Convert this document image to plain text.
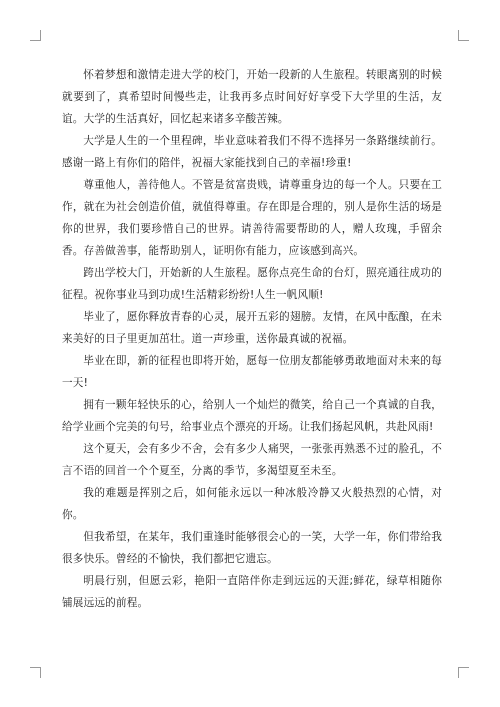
怀着梦想和激情走进大学的校门，开始一段新的人生旅程。转眼离别的时候就要到了，真希望时间慢些走，让我再多点时间好好享受下大学里的生活，友谊。大学的生活真好，回忆起来诸多辛酸苦辣。

大学是人生的一个里程碑，毕业意味着我们不得不选择另一条路继续前行。感谢一路上有你们的陪伴，祝福大家能找到自己的幸福!珍重!

尊重他人，善待他人。不管是贫富贵贱，请尊重身边的每一个人。只要在工作，就在为社会创造价值，就值得尊重。存在即是合理的，别人是你生活的场是你的世界，我们要珍惜自己的世界。请善待需要帮助的人，赠人玫瑰，手留余香。存善做善事，能帮助别人，证明你有能力，应该感到高兴。

跨出学校大门，开始新的人生旅程。愿你点亮生命的台灯，照亮通往成功的征程。祝你事业马到功成!生活精彩纷纷!人生一帆风顺!

毕业了，愿你释放青春的心灵，展开五彩的翅膀。友情，在风中酝酿，在未来美好的日子里更加茁壮。道一声珍重，送你最真诚的祝福。

毕业在即，新的征程也即将开始，愿每一位朋友都能够勇敢地面对未来的每一天!

拥有一颗年轻快乐的心，给别人一个灿烂的微笑，给自己一个真诚的自我，给学业画个完美的句号，给事业点个漂亮的开场。让我们扬起风帆，共赴风雨!

这个夏天，会有多少不舍，会有多少人痛哭，一张张再熟悉不过的脸孔，不言不语的回首一个个夏至，分离的季节，多渴望夏至未至。

我的难题是挥别之后，如何能永远以一种冰般冷静又火般热烈的心情，对你。

但我希望，在某年，我们重逢时能够很会心的一笑，大学一年，你们带给我很多快乐。曾经的不愉快，我们都把它遗忘。

明晨行别，但愿云彩，艳阳一直陪伴你走到远远的天涯;鲜花，绿草相随你铺展远远的前程。
